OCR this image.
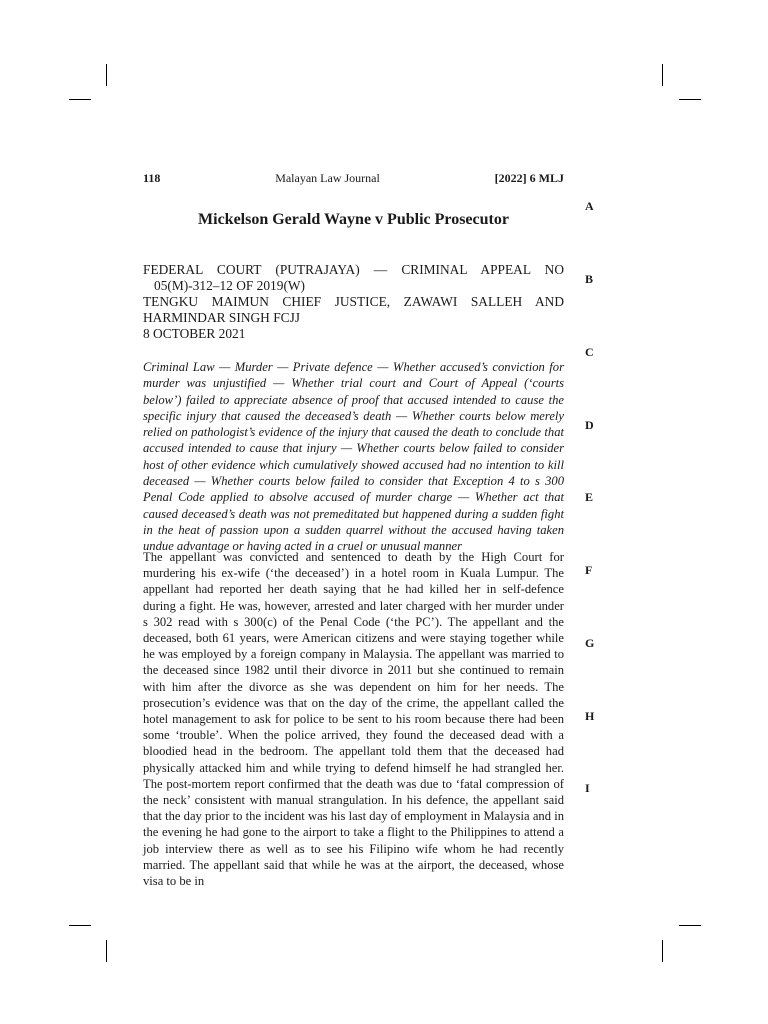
118	Malayan Law Journal	[2022] 6 MLJ
A
B
C
D
E
F
G
H
I
Mickelson Gerald Wayne v Public Prosecutor

FEDERAL COURT (PUTRAJAYA) — CRIMINAL APPEAL NO 05(M)-312–12 OF 2019(W)

TENGKU MAIMUN CHIEF JUSTICE, ZAWAWI SALLEH AND HARMINDAR SINGH FCJJ

8 OCTOBER 2021

Criminal Law — Murder — Private defence — Whether accused’s conviction for murder was unjustified — Whether trial court and Court of Appeal (‘courts below’) failed to appreciate absence of proof that accused intended to cause the specific injury that caused the deceased’s death — Whether courts below merely relied on pathologist’s evidence of the injury that caused the death to conclude that accused intended to cause that injury — Whether courts below failed to consider host of other evidence which cumulatively showed accused had no intention to kill deceased — Whether courts below failed to consider that Exception 4 to s 300 Penal Code applied to absolve accused of murder charge — Whether act that caused deceased’s death was not premeditated but happened during a sudden fight in the heat of passion upon a sudden quarrel without the accused having taken undue advantage or having acted in a cruel or unusual manner

The appellant was convicted and sentenced to death by the High Court for murdering his ex-wife (‘the deceased’) in a hotel room in Kuala Lumpur. The appellant had reported her death saying that he had killed her in self-defence during a fight. He was, however, arrested and later charged with her murder under s 302 read with s 300(c) of the Penal Code (‘the PC’). The appellant and the deceased, both 61 years, were American citizens and were staying together while he was employed by a foreign company in Malaysia. The appellant was married to the deceased since 1982 until their divorce in 2011 but she continued to remain with him after the divorce as she was dependent on him for her needs. The prosecution’s evidence was that on the day of the crime, the appellant called the hotel management to ask for police to be sent to his room because there had been some ‘trouble’. When the police arrived, they found the deceased dead with a bloodied head in the bedroom. The appellant told them that the deceased had physically attacked him and while trying to defend himself he had strangled her. The post-mortem report confirmed that the death was due to ‘fatal compression of the neck’ consistent with manual strangulation. In his defence, the appellant said that the day prior to the incident was his last day of employment in Malaysia and in the evening he had gone to the airport to take a flight to the Philippines to attend a job interview there as well as to see his Filipino wife whom he had recently married. The appellant said that while he was at the airport, the deceased, whose visa to be in
